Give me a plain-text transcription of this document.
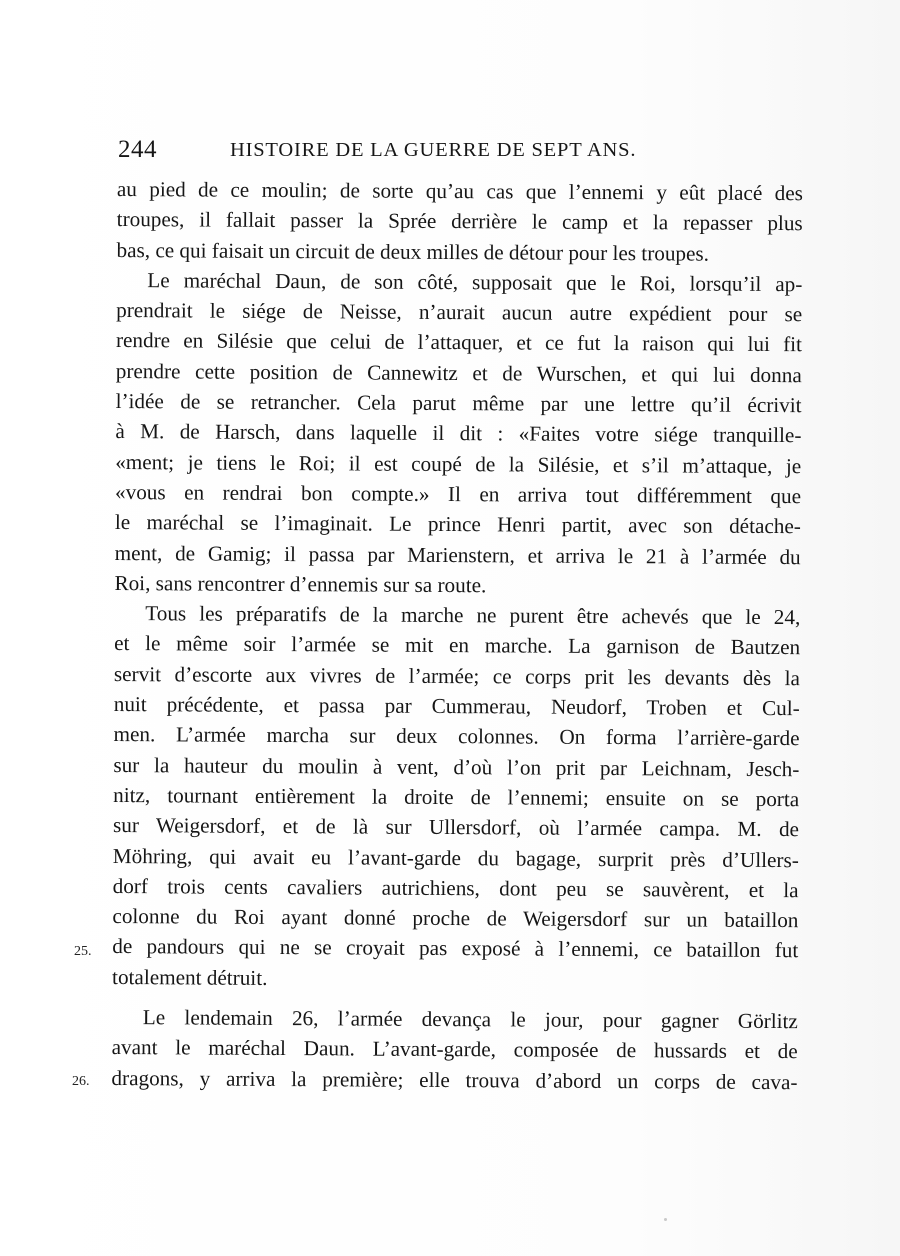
244	HISTOIRE DE LA GUERRE DE SEPT ANS.
au pied de ce moulin; de sorte qu’au cas que l’ennemi y eût placé des
troupes, il fallait passer la Sprée derrière le camp et la repasser plus
bas, ce qui faisait un circuit de deux milles de détour pour les troupes.
Le maréchal Daun, de son côté, supposait que le Roi, lorsqu’il ap-
prendrait le siége de Neisse, n’aurait aucun autre expédient pour se
rendre en Silésie que celui de l’attaquer, et ce fut la raison qui lui fit
prendre cette position de Cannewitz et de Wurschen, et qui lui donna
l’idée de se retrancher. Cela parut même par une lettre qu’il écrivit
à M. de Harsch, dans laquelle il dit : «Faites votre siége tranquille-
«ment; je tiens le Roi; il est coupé de la Silésie, et s’il m’attaque, je
«vous en rendrai bon compte.» Il en arriva tout différemment que
le maréchal se l’imaginait. Le prince Henri partit, avec son détache-
ment, de Gamig; il passa par Marienstern, et arriva le 21 à l’armée du
Roi, sans rencontrer d’ennemis sur sa route.
Tous les préparatifs de la marche ne purent être achevés que le 24,
et le même soir l’armée se mit en marche. La garnison de Bautzen
servit d’escorte aux vivres de l’armée; ce corps prit les devants dès la
nuit précédente, et passa par Cummerau, Neudorf, Troben et Cul-
men. L’armée marcha sur deux colonnes. On forma l’arrière-garde
sur la hauteur du moulin à vent, d’où l’on prit par Leichnam, Jesch-
nitz, tournant entièrement la droite de l’ennemi; ensuite on se porta
sur Weigersdorf, et de là sur Ullersdorf, où l’armée campa. M. de
Möhring, qui avait eu l’avant-garde du bagage, surprit près d’Ullers-
dorf trois cents cavaliers autrichiens, dont peu se sauvèrent, et la
colonne du Roi ayant donné proche de Weigersdorf sur un bataillon
de pandours qui ne se croyait pas exposé à l’ennemi, ce bataillon fut
totalement détruit.
Le lendemain 26, l’armée devança le jour, pour gagner Görlitz
avant le maréchal Daun. L’avant-garde, composée de hussards et de
dragons, y arriva la première; elle trouva d’abord un corps de cava-
25.
26.
